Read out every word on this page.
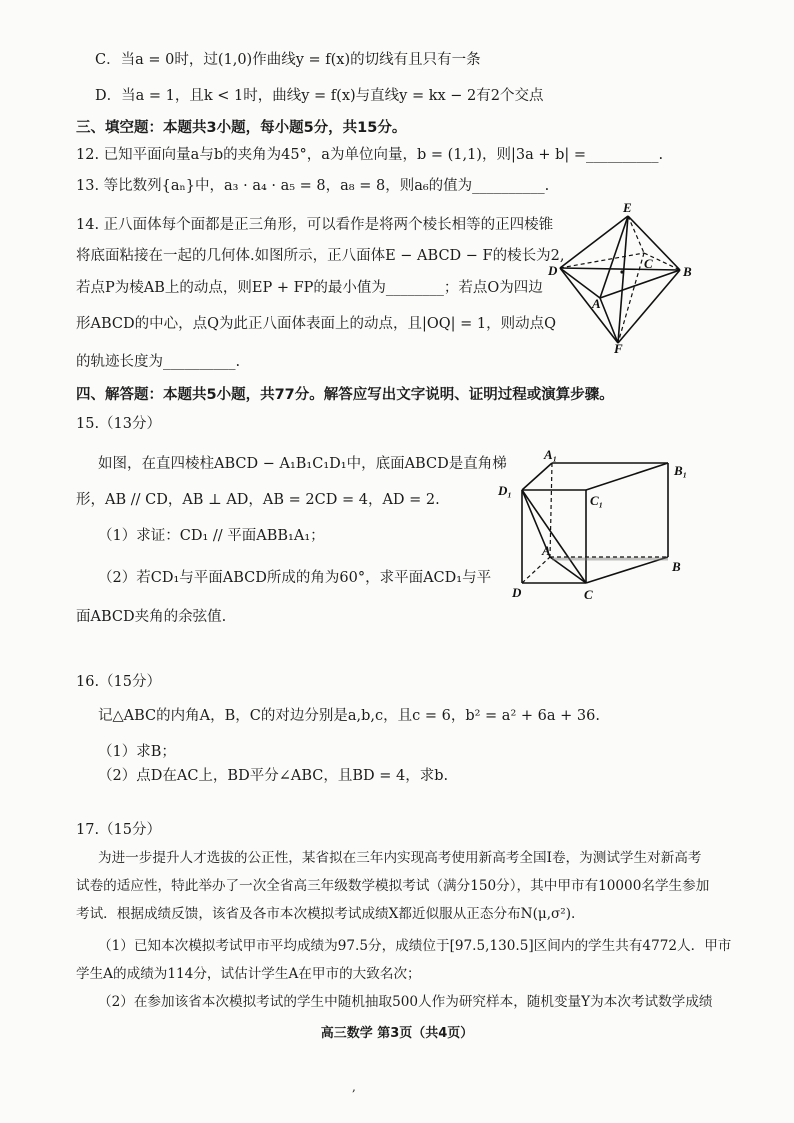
C．当a = 0时，过(1,0)作曲线y = f(x)的切线有且只有一条
D．当a = 1，且k < 1时，曲线y = f(x)与直线y = kx − 2有2个交点
三、填空题：本题共3小题，每小题5分，共15分。
12. 已知平面向量a与b的夹角为45°，a为单位向量，b = (1,1)，则|3a + b| =__________.
13. 等比数列{aₙ}中，a₃ · a₄ · a₅ = 8，a₈ = 8，则a₆的值为__________.
14. 正八面体每个面都是正三角形，可以看作是将两个棱长相等的正四棱锥
将底面粘接在一起的几何体.如图所示，正八面体E − ABCD − F的棱长为2,
若点P为棱AB上的动点，则EP + FP的最小值为________；若点O为四边
形ABCD的中心，点Q为此正八面体表面上的动点，且|OQ| = 1，则动点Q
的轨迹长度为__________.
E
D	C
B
A
F
四、解答题：本题共5小题，共77分。解答应写出文字说明、证明过程或演算步骤。
15.（13分）
如图，在直四棱柱ABCD − A₁B₁C₁D₁中，底面ABCD是直角梯
形，AB // CD，AB ⊥ AD，AB = 2CD = 4，AD = 2.
（1）求证：CD₁ // 平面ABB₁A₁；
（2）若CD₁与平面ABCD所成的角为60°，求平面ACD₁与平
面ABCD夹角的余弦值.
A₁
B₁
D₁
C₁
A
B
D	C
16.（15分）
记△ABC的内角A，B，C的对边分别是a,b,c，且c = 6，b² = a² + 6a + 36.
（1）求B；
（2）点D在AC上，BD平分∠ABC，且BD = 4，求b.
17.（15分）
为进一步提升人才选拔的公正性，某省拟在三年内实现高考使用新高考全国Ⅰ卷，为测试学生对新高考
试卷的适应性，特此举办了一次全省高三年级数学模拟考试（满分150分），其中甲市有10000名学生参加
考试．根据成绩反馈，该省及各市本次模拟考试成绩X都近似服从正态分布N(μ,σ²).
（1）已知本次模拟考试甲市平均成绩为97.5分，成绩位于[97.5,130.5]区间内的学生共有4772人．甲市
学生A的成绩为114分，试估计学生A在甲市的大致名次；
（2）在参加该省本次模拟考试的学生中随机抽取500人作为研究样本，随机变量Y为本次考试数学成绩
高三数学 第3页（共4页）
,
